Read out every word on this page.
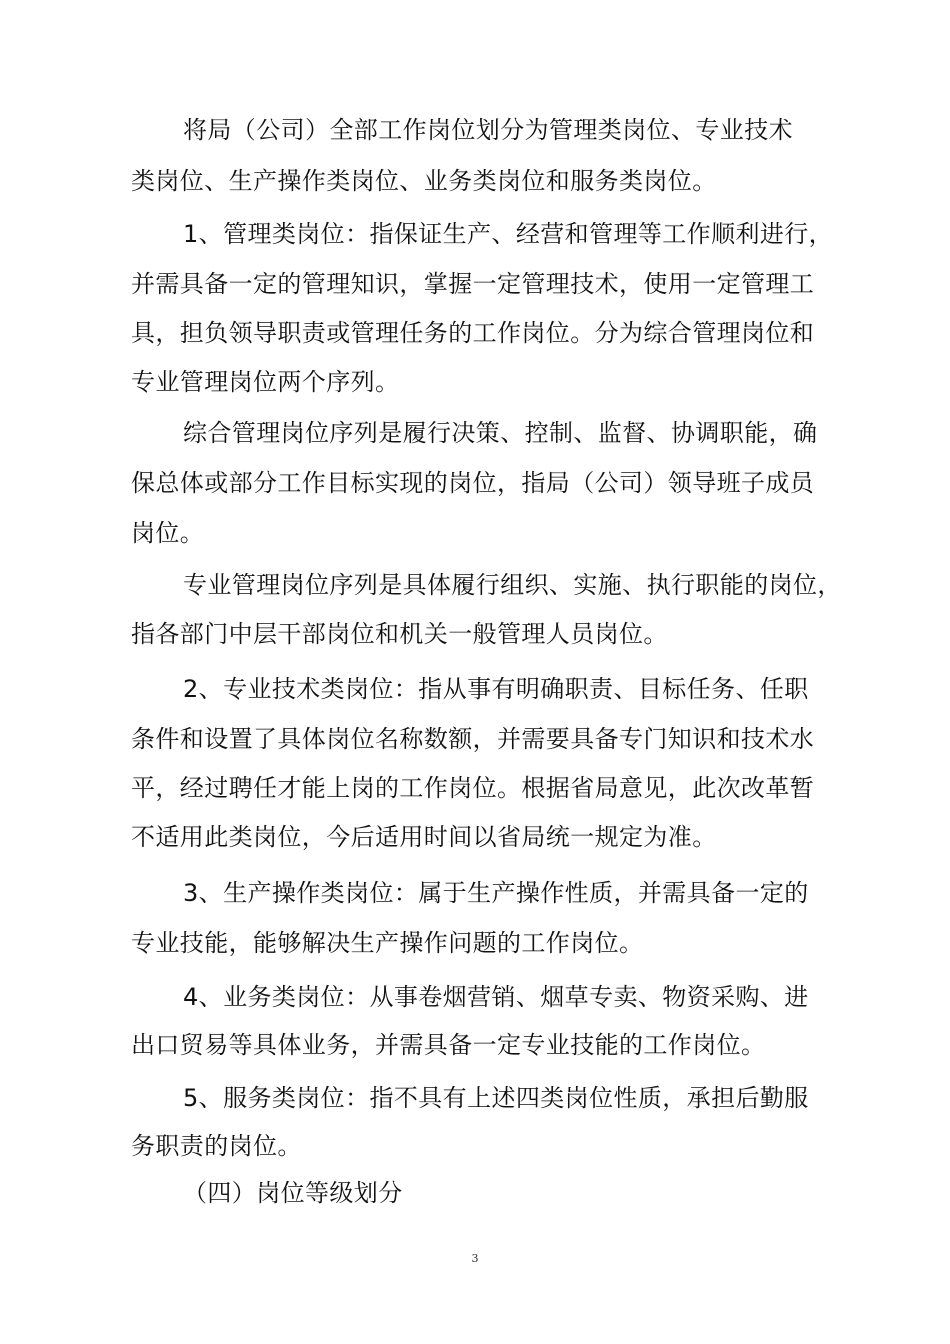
将局（公司）全部工作岗位划分为管理类岗位、专业技术
类岗位、生产操作类岗位、业务类岗位和服务类岗位。
1、管理类岗位：指保证生产、经营和管理等工作顺利进行，
并需具备一定的管理知识，掌握一定管理技术，使用一定管理工
具，担负领导职责或管理任务的工作岗位。分为综合管理岗位和
专业管理岗位两个序列。
综合管理岗位序列是履行决策、控制、监督、协调职能，确
保总体或部分工作目标实现的岗位，指局（公司）领导班子成员
岗位。
专业管理岗位序列是具体履行组织、实施、执行职能的岗位，
指各部门中层干部岗位和机关一般管理人员岗位。
2、专业技术类岗位：指从事有明确职责、目标任务、任职
条件和设置了具体岗位名称数额，并需要具备专门知识和技术水
平，经过聘任才能上岗的工作岗位。根据省局意见，此次改革暂
不适用此类岗位，今后适用时间以省局统一规定为准。
3、生产操作类岗位：属于生产操作性质，并需具备一定的
专业技能，能够解决生产操作问题的工作岗位。
4、业务类岗位：从事卷烟营销、烟草专卖、物资采购、进
出口贸易等具体业务，并需具备一定专业技能的工作岗位。
5、服务类岗位：指不具有上述四类岗位性质，承担后勤服
务职责的岗位。
（四）岗位等级划分
3
